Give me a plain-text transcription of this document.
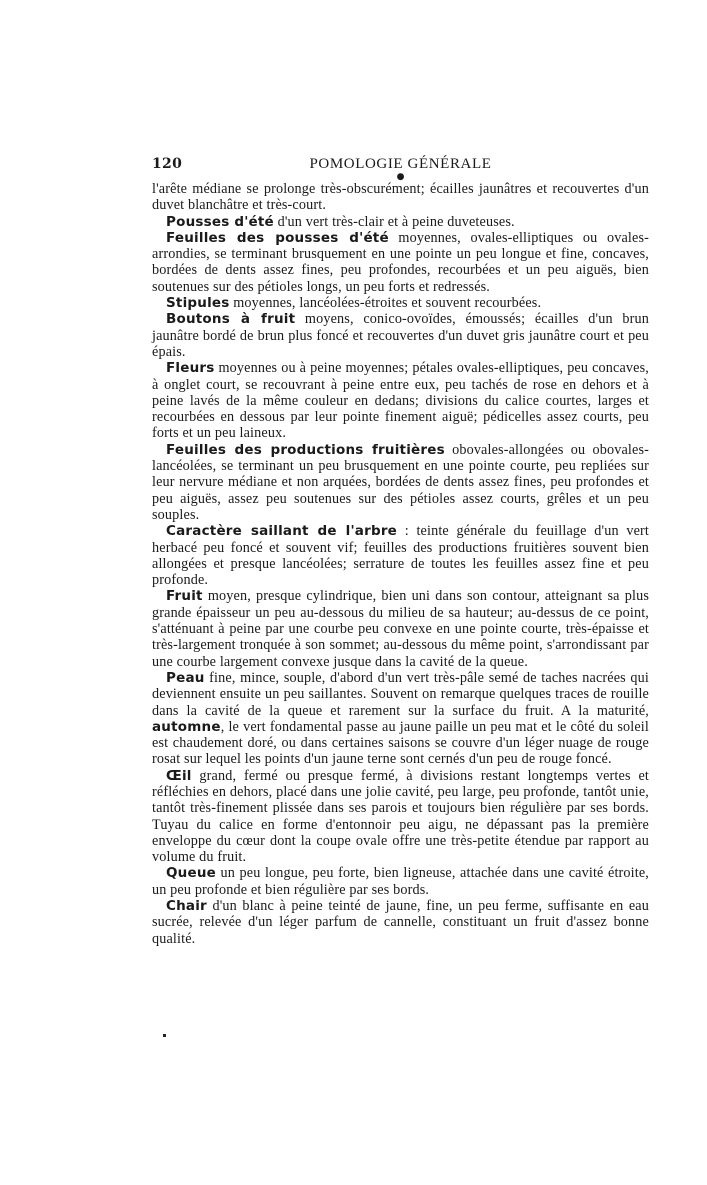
120	POMOLOGIE GÉNÉRALE
●

l'arête médiane se prolonge très-obscurément; écailles jaunâtres et recouvertes d'un duvet blanchâtre et très-court.

Pousses d'été d'un vert très-clair et à peine duveteuses.

Feuilles des pousses d'été moyennes, ovales-elliptiques ou ovales-arrondies, se terminant brusquement en une pointe un peu longue et fine, concaves, bordées de dents assez fines, peu profondes, recourbées et un peu aiguës, bien soutenues sur des pétioles longs, un peu forts et redressés.

Stipules moyennes, lancéolées-étroites et souvent recourbées.

Boutons à fruit moyens, conico-ovoïdes, émoussés; écailles d'un brun jaunâtre bordé de brun plus foncé et recouvertes d'un duvet gris jaunâtre court et peu épais.

Fleurs moyennes ou à peine moyennes; pétales ovales-elliptiques, peu concaves, à onglet court, se recouvrant à peine entre eux, peu tachés de rose en dehors et à peine lavés de la même couleur en dedans; divisions du calice courtes, larges et recourbées en dessous par leur pointe finement aiguë; pédicelles assez courts, peu forts et un peu laineux.

Feuilles des productions fruitières obovales-allongées ou obovales-lancéolées, se terminant un peu brusquement en une pointe courte, peu repliées sur leur nervure médiane et non arquées, bordées de dents assez fines, peu profondes et peu aiguës, assez peu soutenues sur des pétioles assez courts, grêles et un peu souples.

Caractère saillant de l'arbre : teinte générale du feuillage d'un vert herbacé peu foncé et souvent vif; feuilles des productions fruitières souvent bien allongées et presque lancéolées; serrature de toutes les feuilles assez fine et peu profonde.

Fruit moyen, presque cylindrique, bien uni dans son contour, atteignant sa plus grande épaisseur un peu au-dessous du milieu de sa hauteur; au-dessus de ce point, s'atténuant à peine par une courbe peu convexe en une pointe courte, très-épaisse et très-largement tronquée à son sommet; au-dessous du même point, s'arrondissant par une courbe largement convexe jusque dans la cavité de la queue.

Peau fine, mince, souple, d'abord d'un vert très-pâle semé de taches nacrées qui deviennent ensuite un peu saillantes. Souvent on remarque quelques traces de rouille dans la cavité de la queue et rarement sur la surface du fruit. A la maturité, automne, le vert fondamental passe au jaune paille un peu mat et le côté du soleil est chaudement doré, ou dans certaines saisons se couvre d'un léger nuage de rouge rosat sur lequel les points d'un jaune terne sont cernés d'un peu de rouge foncé.

Œil grand, fermé ou presque fermé, à divisions restant longtemps vertes et réfléchies en dehors, placé dans une jolie cavité, peu large, peu profonde, tantôt unie, tantôt très-finement plissée dans ses parois et toujours bien régulière par ses bords. Tuyau du calice en forme d'entonnoir peu aigu, ne dépassant pas la première enveloppe du cœur dont la coupe ovale offre une très-petite étendue par rapport au volume du fruit.

Queue un peu longue, peu forte, bien ligneuse, attachée dans une cavité étroite, un peu profonde et bien régulière par ses bords.

Chair d'un blanc à peine teinté de jaune, fine, un peu ferme, suffisante en eau sucrée, relevée d'un léger parfum de cannelle, constituant un fruit d'assez bonne qualité.
